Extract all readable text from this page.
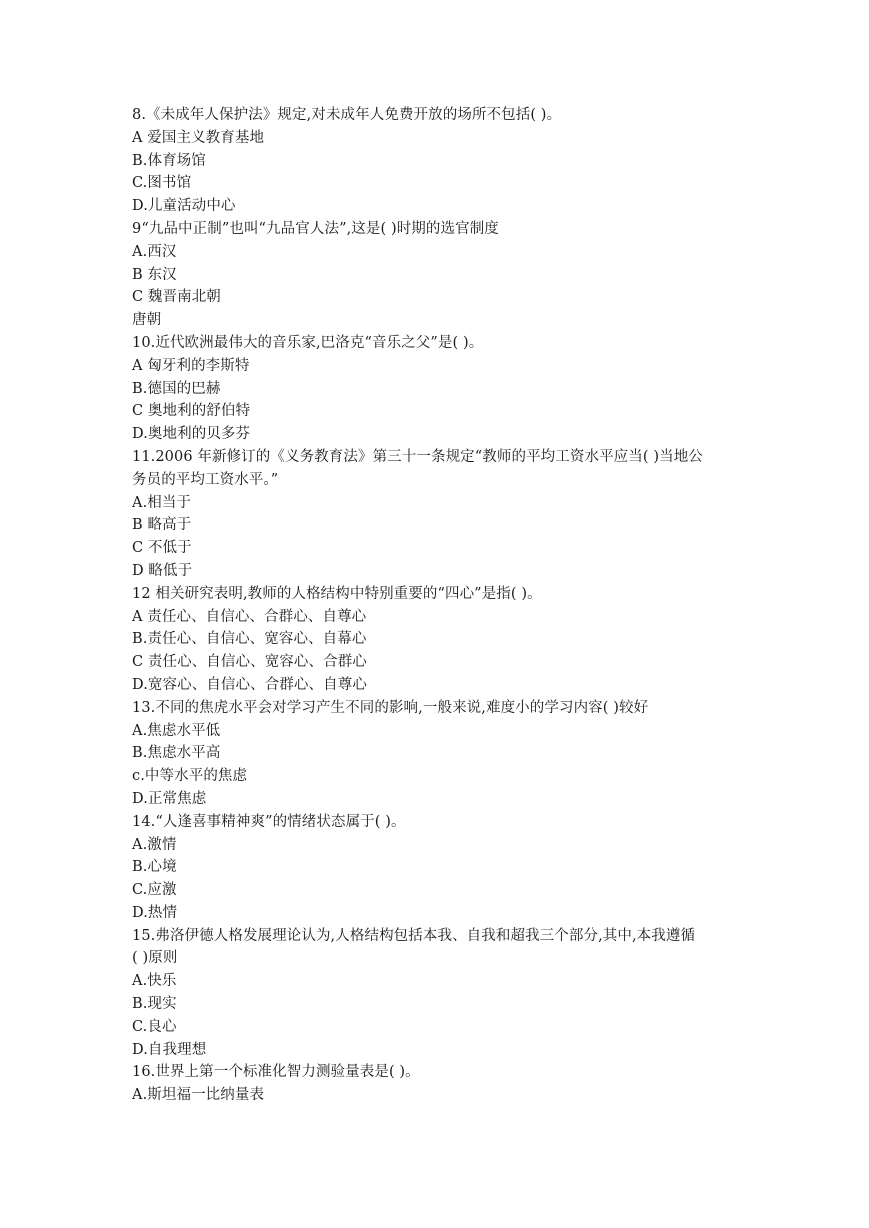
8.《未成年人保护法》规定,对未成年人免费开放的场所不包括( )。
A 爱国主义教育基地
B.体育场馆
C.图书馆
D.儿童活动中心
9“九品中正制”也叫“九品官人法”,这是( )时期的选官制度
A.西汉
B 东汉
C 魏晋南北朝
唐朝
10.近代欧洲最伟大的音乐家,巴洛克“音乐之父”是( )。
A 匈牙利的李斯特
B.德国的巴赫
C 奥地利的舒伯特
D.奥地利的贝多芬
11.2006 年新修订的《义务教育法》第三十一条规定“教师的平均工资水平应当( )当地公
务员的平均工资水平。”
A.相当于
B 略高于
C 不低于
D 略低于
12 相关研究表明,教师的人格结构中特别重要的“四心”是指( )。
A 责任心、自信心、合群心、自尊心
B.责任心、自信心、宽容心、自幕心
C 责任心、自信心、宽容心、合群心
D.宽容心、自信心、合群心、自尊心
13.不同的焦虎水平会对学习产生不同的影响,一般来说,难度小的学习内容( )较好
A.焦虑水平低
B.焦虑水平高
c.中等水平的焦虑
D.正常焦虑
14.“人逢喜事精神爽”的情绪状态属于( )。
A.激情
B.心境
C.应激
D.热情
15.弗洛伊德人格发展理论认为,人格结构包括本我、自我和超我三个部分,其中,本我遵循
( )原则
A.快乐
B.现实
C.良心
D.自我理想
16.世界上第一个标准化智力测验量表是( )。
A.斯坦福一比纳量表
